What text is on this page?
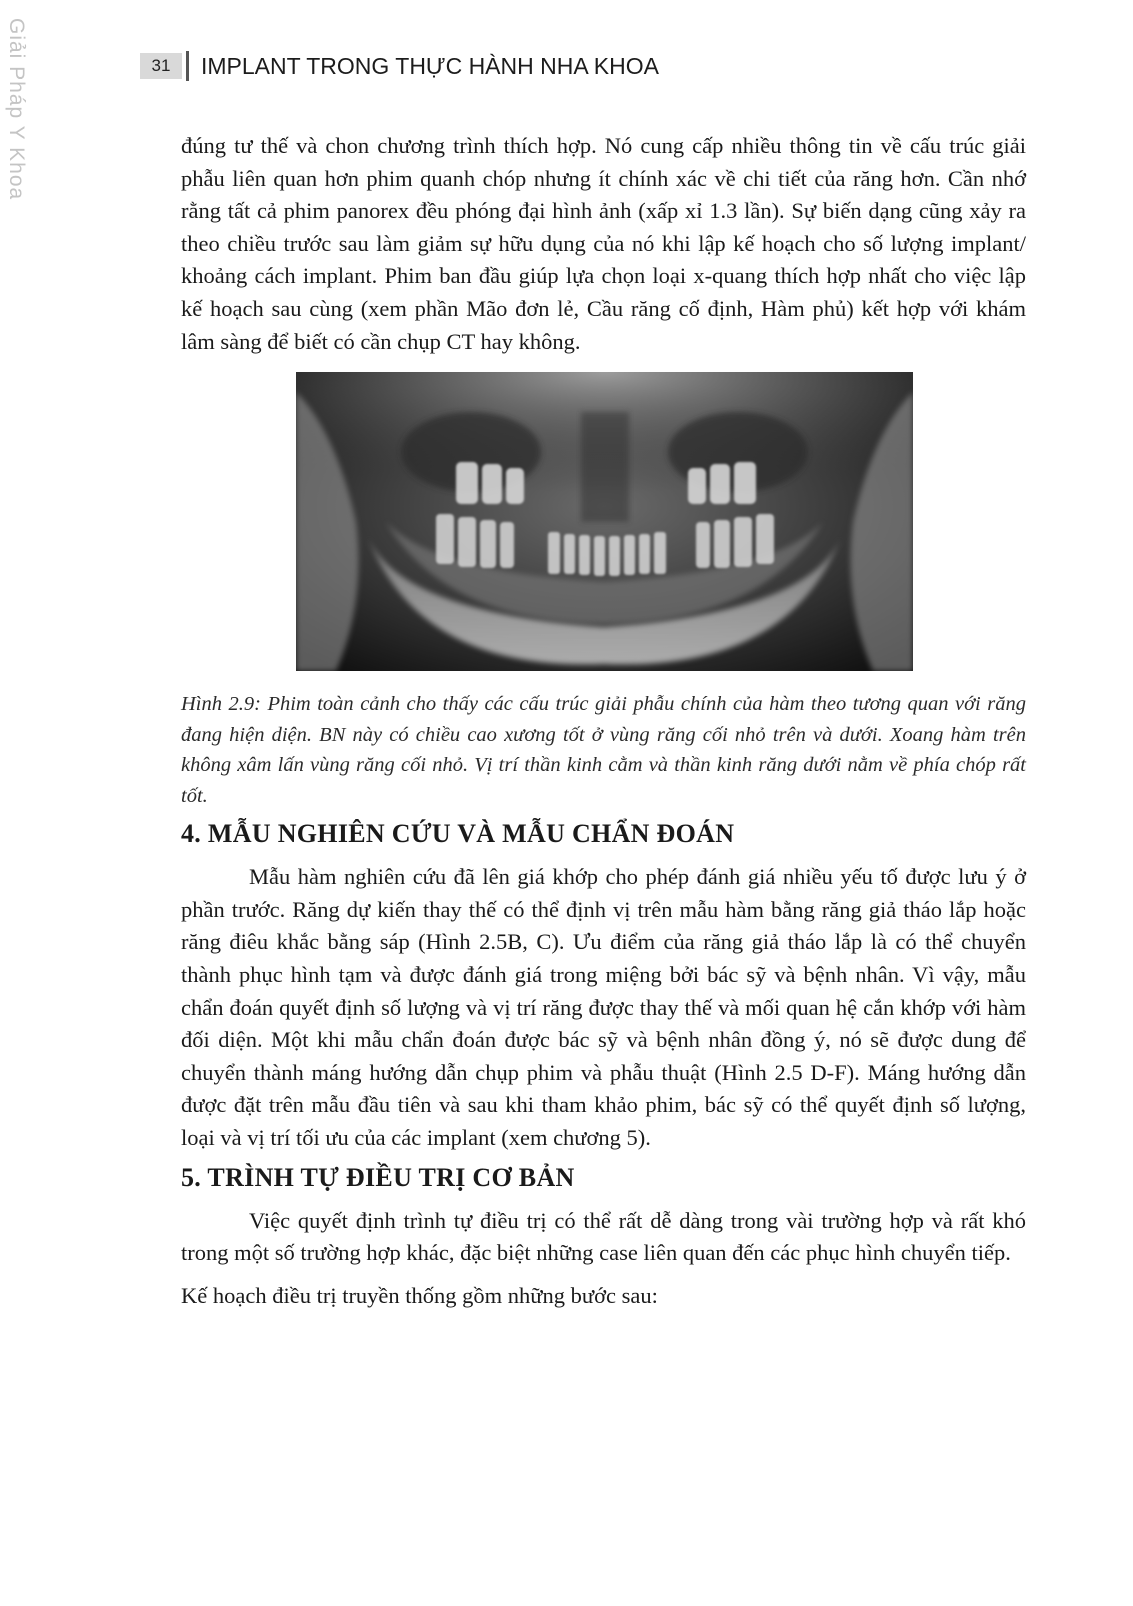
Giải Pháp Y Khoa	31	IMPLANT TRONG THỰC HÀNH NHA KHOA

đúng tư thế và chon chương trình thích hợp. Nó cung cấp nhiều thông tin về cấu trúc giải phẫu liên quan hơn phim quanh chóp nhưng ít chính xác về chi tiết của răng hơn. Cần nhớ rằng tất cả phim panorex đều phóng đại hình ảnh (xấp xỉ 1.3 lần). Sự biến dạng cũng xảy ra theo chiều trước sau làm giảm sự hữu dụng của nó khi lập kế hoạch cho số lượng implant/ khoảng cách implant. Phim ban đầu giúp lựa chọn loại x-quang thích hợp nhất cho việc lập kế hoạch sau cùng (xem phần Mão đơn lẻ, Cầu răng cố định, Hàm phủ) kết hợp với khám lâm sàng để biết có cần chụp CT hay không.

Hình 2.9: Phim toàn cảnh cho thấy các cấu trúc giải phẫu chính của hàm theo tương quan với răng đang hiện diện. BN này có chiều cao xương tốt ở vùng răng cối nhỏ trên và dưới. Xoang hàm trên không xâm lấn vùng răng cối nhỏ. Vị trí thần kinh cằm và thần kinh răng dưới nằm về phía chóp rất tốt.

4. MẪU NGHIÊN CỨU VÀ MẪU CHẨN ĐOÁN

Mẫu hàm nghiên cứu đã lên giá khớp cho phép đánh giá nhiều yếu tố được lưu ý ở phần trước. Răng dự kiến thay thế có thể định vị trên mẫu hàm bằng răng giả tháo lắp hoặc răng điêu khắc bằng sáp (Hình 2.5B, C). Ưu điểm của răng giả tháo lắp là có thể chuyển thành phục hình tạm và được đánh giá trong miệng bởi bác sỹ và bệnh nhân. Vì vậy, mẫu chẩn đoán quyết định số lượng và vị trí răng được thay thế và mối quan hệ cắn khớp với hàm đối diện. Một khi mẫu chẩn đoán được bác sỹ và bệnh nhân đồng ý, nó sẽ được dung để chuyển thành máng hướng dẫn chụp phim và phẫu thuật (Hình 2.5 D-F). Máng hướng dẫn được đặt trên mẫu đầu tiên và sau khi tham khảo phim, bác sỹ có thể quyết định số lượng, loại và vị trí tối ưu của các implant (xem chương 5).

5. TRÌNH TỰ ĐIỀU TRỊ CƠ BẢN

Việc quyết định trình tự điều trị có thể rất dễ dàng trong vài trường hợp và rất khó trong một số trường hợp khác, đặc biệt những case liên quan đến các phục hình chuyển tiếp.

Kế hoạch điều trị truyền thống gồm những bước sau:
